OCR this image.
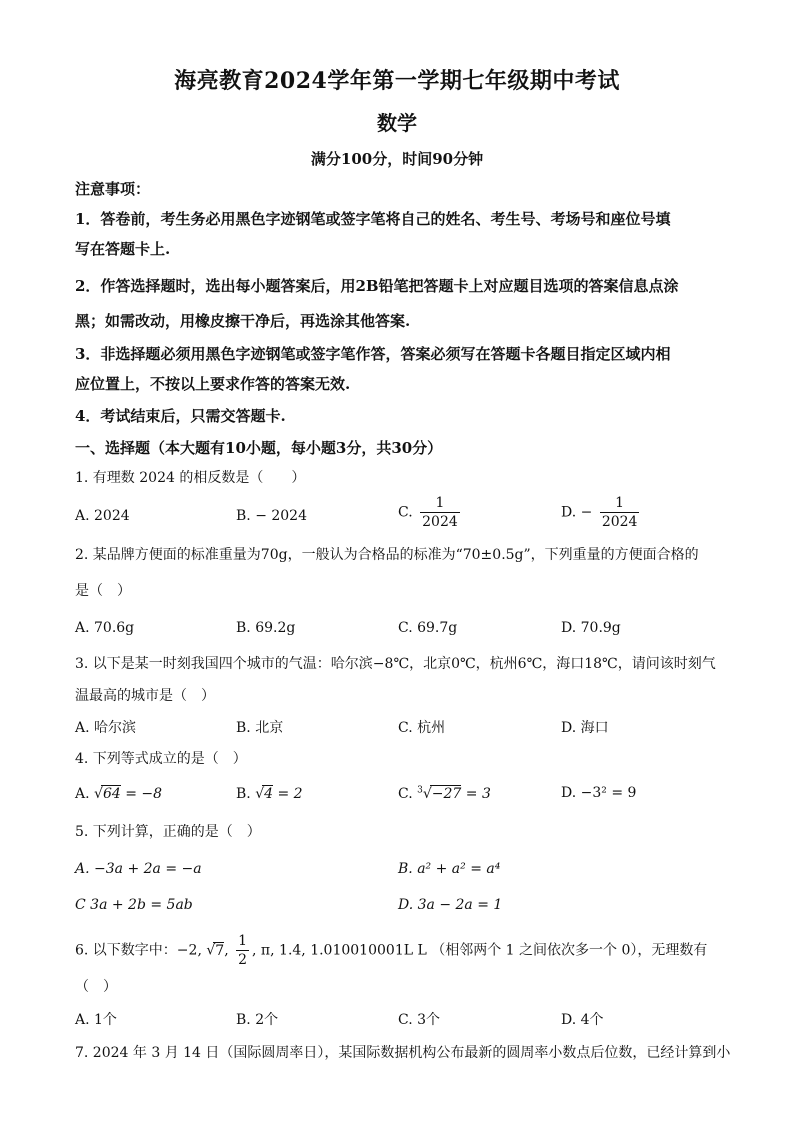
海亮教育2024学年第一学期七年级期中考试
数学
满分100分，时间90分钟
注意事项：
1．答卷前，考生务必用黑色字迹钢笔或签字笔将自己的姓名、考生号、考场号和座位号填
写在答题卡上.
2．作答选择题时，选出每小题答案后，用2B铅笔把答题卡上对应题目选项的答案信息点涂
黑；如需改动，用橡皮擦干净后，再选涂其他答案.
3．非选择题必须用黑色字迹钢笔或签字笔作答，答案必须写在答题卡各题目指定区域内相
应位置上，不按以上要求作答的答案无效.
4．考试结束后，只需交答题卡.
一、选择题（本大题有10小题，每小题3分，共30分）
1. 有理数 2024 的相反数是（　　）
A. 2024	B. − 2024	C. $\frac{1}{2024}$	D. − $\frac{1}{2024}$
2. 某品牌方便面的标准重量为70g，一般认为合格品的标准为“70±0.5g”，下列重量的方便面合格的
是（　）
A. 70.6g	B. 69.2g	C. 69.7g	D. 70.9g
3. 以下是某一时刻我国四个城市的气温：哈尔滨−8℃，北京0℃，杭州6℃，海口18℃，请问该时刻气
温最高的城市是（　）
A. 哈尔滨	B. 北京	C. 杭州	D. 海口
4. 下列等式成立的是（　）
A. √64 = −8	B. √4 = 2	C. $^3$√−27 = 3	D. −3² = 9
5. 下列计算，正确的是（　）
A. −3a + 2a = −a	B. a² + a² = a⁴
C 3a + 2b = 5ab	D. 3a − 2a = 1
6. 以下数字中：−2, √7, $\frac{1}{2}$ , π, 1.4, 1.010010001L L （相邻两个 1 之间依次多一个 0），无理数有
（　）
A. 1个	B. 2个	C. 3个	D. 4个
7. 2024 年 3 月 14 日（国际圆周率日），某国际数据机构公布最新的圆周率小数点后位数，已经计算到小
